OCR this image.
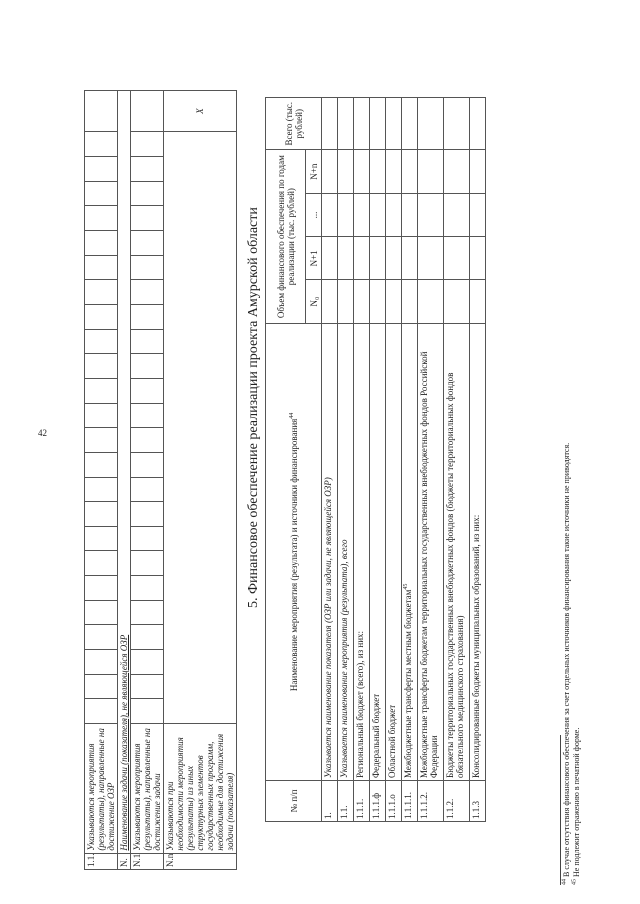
42
1.1.	Указываются мероприятия (результаты), направленные на достижение ОЗР																									
N.	Наименование задачи (показателя), не являющейся ОЗР																									
N.1	Указываются мероприятия (результаты), направленные на достижение задачи																									
N.n	Указываются при необходимости мероприятия (результаты) из иных структурных элементов государственных программ, необходимые для достижения задачи (показателя)																									X
5. Финансовое обеспечение реализации проекта Амурской области
№ п/п	Наименование мероприятия (результата) и источники финансирования$^{44}$	Объем финансового обеспечения по годам реализации (тыс. рублей)				Всего (тыс. рублей)
		N₀	N+1	...	N+n	
1.	Указывается наименование показателя (ОЗР или задачи, не являющейся ОЗР)					
1.1.	Указывается наименование мероприятия (результата), всего					
1.1.1.	Региональный бюджет (всего), из них:					
1.1.1.ф	Федеральный бюджет					
1.1.1.о	Областной бюджет					
1.1.1.1.	Межбюджетные трансферты местным бюджетам$^{45}$					
1.1.1.2.	Межбюджетные трансферты бюджетам территориальных государственных внебюджетных фондов Российской Федерации					
1.1.2.	Бюджеты территориальных государственных внебюджетных фондов (бюджеты территориальных фондов обязательного медицинского страхования)					
1.1.3	Консолидированные бюджеты муниципальных образований, из них:					
$^{44}$ В случае отсутствия финансового обеспечения за счет отдельных источников финансирования такие источники не приводятся.
$^{45}$ Не подлежит отражению в печатной форме.
